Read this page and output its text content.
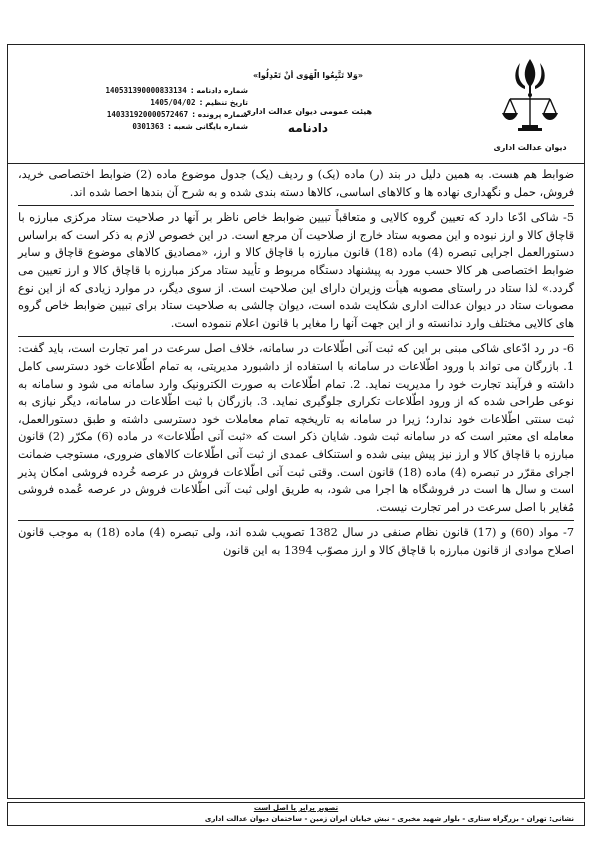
دیوان عدالت اداری
«وَلا تَتَّبِعُوا الْهَوَى أنْ تَعْدِلُوا»
هیئت عمومی دیوان عدالت اداری
دادنامه
شماره دادنامه :
140531390000833134
تاریخ تنظیم :
1405/04/02
شماره پرونده :
140331920000572467
شماره بایگانی شعبه :
0301363

ضوابط هم هست. به همین دلیل در بند (ر) ماده (یک) و ردیف (یک) جدول موضوع ماده (2) ضوابط اختصاصی خرید، فروش، حمل و نگهداری نهاده ها و کالاهای اساسی، کالاها دسته بندی شده و به شرح آن بندها احصا شده اند.

5- شاکی ادّعا دارد که تعیین گروه کالایی و متعاقباً تبیین ضوابط خاص ناظر بر آنها در صلاحیت ستاد مرکزی مبارزه با قاچاق کالا و ارز نبوده و این مصوبه ستاد خارج از صلاحیت آن مرجع است. در این خصوص لازم به ذکر است که براساس دستورالعمل اجرایی تبصره (4) ماده (18) قانون مبارزه با قاچاق کالا و ارز، «مصادیق کالاهای موضوع قاچاق و سایر ضوابط اختصاصی هر کالا حسب مورد به پیشنهاد دستگاه مربوط و تأیید ستاد مرکز مبارزه با قاچاق کالا و ارز تعیین می گردد.» لذا ستاد در راستای مصوبه هیأت وزیران دارای این صلاحیت است. از سوی دیگر، در موارد زیادی که از این نوع مصوبات ستاد در دیوان عدالت اداری شکایت شده است، دیوان چالشی به صلاحیت ستاد برای تبیین ضوابط خاص گروه های کالایی مختلف وارد ندانسته و از این جهت آنها را مغایر با قانون اعلام ننموده است.

6- در رد ادّعای شاکی مبنی بر این که ثبت آنی اطّلاعات در سامانه، خلاف اصل سرعت در امر تجارت است، باید گفت: 1. بازرگان می تواند با ورود اطّلاعات در سامانه با استفاده از داشبورد مدیریتی، به تمام اطّلاعات خود دسترسی کامل داشته و فرآیند تجارت خود را مدیریت نماید. 2. تمام اطّلاعات به صورت الکترونیک وارد سامانه می شود و سامانه به نوعی طراحی شده که از ورود اطّلاعات تکراری جلوگیری نماید. 3. بازرگان با ثبت اطّلاعات در سامانه، دیگر نیازی به ثبت سنتی اطّلاعات خود ندارد؛ زیرا در سامانه به تاریخچه تمام معاملات خود دسترسی داشته و طبق دستورالعمل، معامله ای معتبر است که در سامانه ثبت شود. شایان ذکر است که «ثبت آنی اطّلاعات» در ماده (6) مکرّر (2) قانون مبارزه با قاچاق کالا و ارز نیز پیش بینی شده و استنکاف عمدی از ثبت آنی اطّلاعات کالاهای ضروری، مستوجب ضمانت اجرای مقرّر در تبصره (4) ماده (18) قانون است. وقتی ثبت آنی اطّلاعات فروش در عرصه خُرده فروشی امکان پذیر است و سال ها است در فروشگاه ها اجرا می شود، به طریق اولی ثبت آنی اطّلاعات فروش در عرصه عُمده فروشی مُغایر با اصل سرعت در امر تجارت نیست.

7- مواد (60) و (17) قانون نظام صنفی در سال 1382 تصویب شده اند، ولی تبصره (4) ماده (18) به موجب قانون اصلاح موادی از قانون مبارزه با قاچاق کالا و ارز مصوّب 1394 به این قانون

تصویر برابر با اصل است
نشانی: تهران - بزرگراه ستاری - بلوار شهید مخبری - نبش خیابان ایران زمین - ساختمان دیوان عدالت اداری
